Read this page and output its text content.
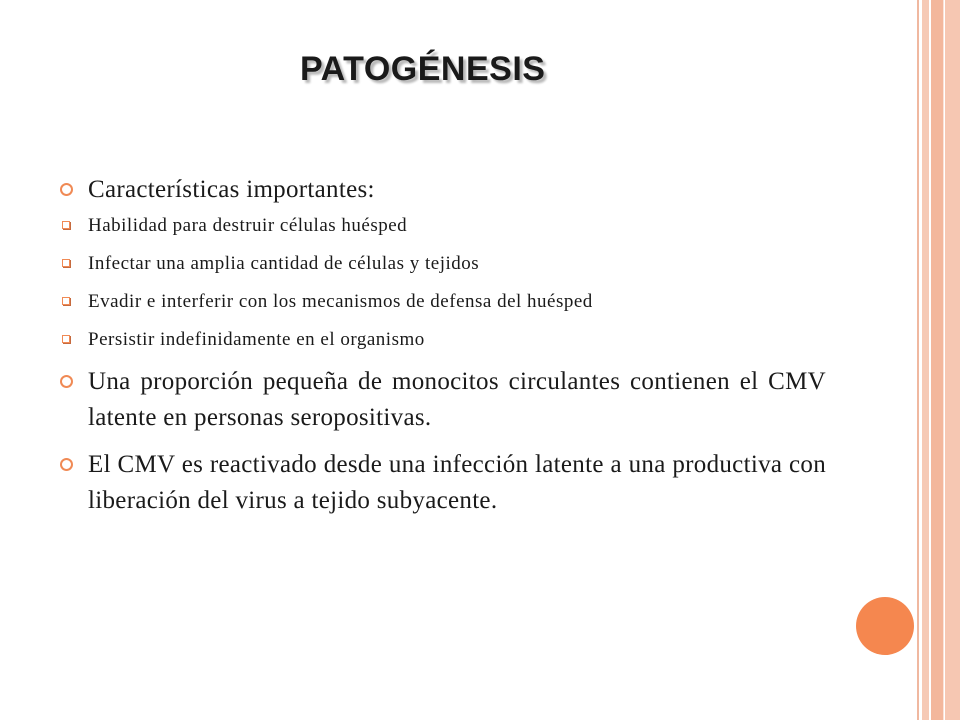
PATOGÉNESIS
Características importantes:
Habilidad para destruir células huésped
Infectar una amplia cantidad de células y tejidos
Evadir e interferir con los mecanismos de defensa del huésped
Persistir indefinidamente en el organismo
Una proporción pequeña de monocitos circulantes contienen el CMV latente en personas seropositivas.
El CMV es reactivado desde una infección latente a una productiva con liberación del virus a tejido subyacente.
